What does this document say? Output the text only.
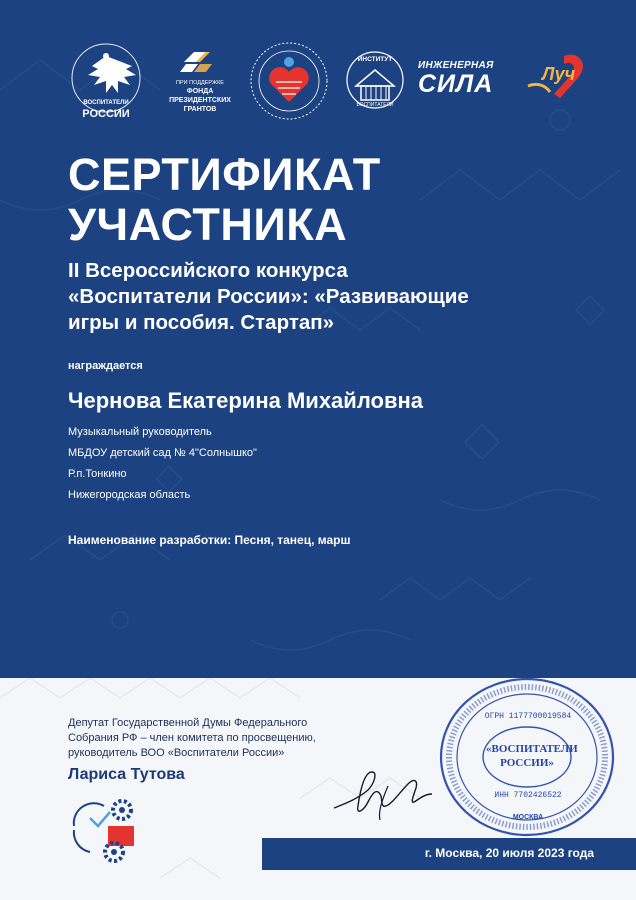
ВОСПИТАТЕЛИ
РОССИИ
ПРИ ПОДДЕРЖКЕ
ФОНДА
ПРЕЗИДЕНТСКИХ
ГРАНТОВ
ИНСТИТУТ
ВОСПИТАТЕЛИ
ИНЖЕНЕРНАЯ
СИЛА	Луч
СЕРТИФИКАТ
УЧАСТНИКА
II Всероссийского конкурса
«Воспитатели России»: «Развивающие
игры и пособия. Стартап»
награждается
Чернова Екатерина Михайловна
Музыкальный руководитель
МБДОУ детский сад № 4"Солнышко"
Р.п.Тонкино
Нижегородская область
Наименование разработки: Песня, танец, марш
Депутат Государственной Думы Федерального
Собрания РФ – член комитета по просвещению,
руководитель ВОО «Воспитатели России»
Лариса Тутова
«ВОСПИТАТЕЛИ
РОССИИ»
ОГРН 1177700019584
ИНН 7702426522
МОСКВА
г. Москва, 20 июля 2023 года
